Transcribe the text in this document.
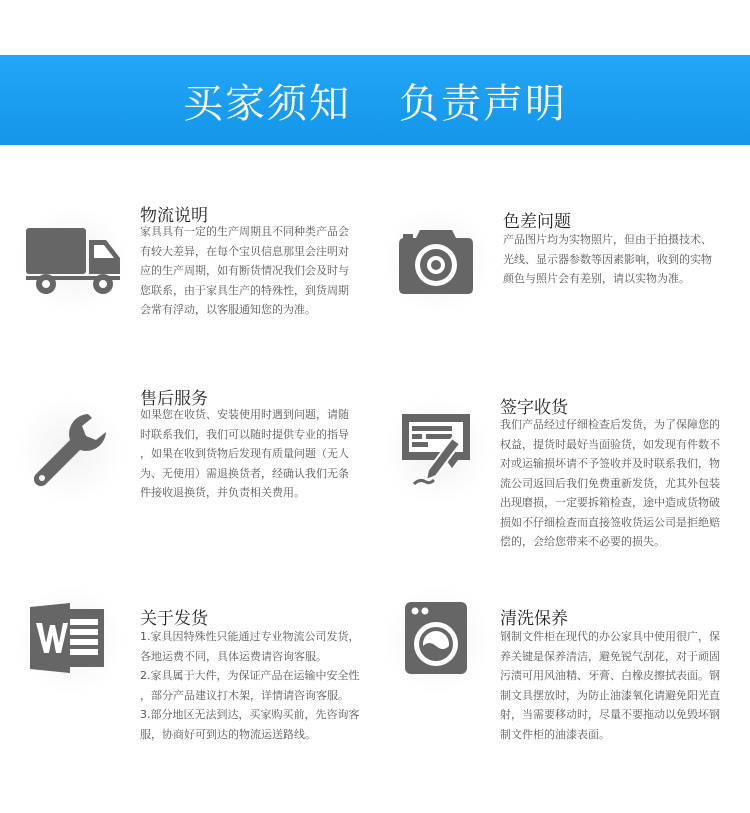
买家须知 负责声明
物流说明

家具具有一定的生产周期且不同种类产品会

有较大差异，在每个宝贝信息那里会注明对

应的生产周期，如有断货情况我们会及时与

您联系，由于家具生产的特殊性，到货周期

会常有浮动，以客服通知您的为准。

色差问题

产品图片均为实物照片，但由于拍摄技术、

光线、显示器参数等因素影响，收到的实物

颜色与照片会有差别，请以实物为准。

售后服务

如果您在收货、安装使用时遇到问题，请随

时联系我们，我们可以随时提供专业的指导

，如果在收到货物后发现有质量问题（无人

为、无使用）需退换货者，经确认我们无条

件接收退换货，并负责相关费用。

签字收货

我们产品经过仔细检查后发货，为了保障您的

权益，提货时最好当面验货，如发现有件数不

对或运输损坏请不予签收并及时联系我们，物

流公司返回后我们免费重新发货，尤其外包装

出现磨损，一定要拆箱检查，途中造成货物破

损如不仔细检查而直接签收货运公司是拒绝赔

偿的，会给您带来不必要的损失。

关于发货

1.家具因特殊性只能通过专业物流公司发货，

各地运费不同，具体运费请咨询客服。

2.家具属于大件，为保证产品在运输中安全性

，部分产品建议打木架，详情请咨询客服。

3.部分地区无法到达，买家购买前，先咨询客

服，协商好可到达的物流运送路线。

清洗保养

钢制文件柜在现代的办公家具中使用很广，保

养关键是保养清洁，避免锐气刮花，对于顽固

污渍可用风油精、牙膏、白橡皮擦拭表面。钢

制文具摆放时，为防止油漆氧化请避免阳光直

射，当需要移动时，尽量不要拖动以免毁坏钢

制文件柜的油漆表面。
